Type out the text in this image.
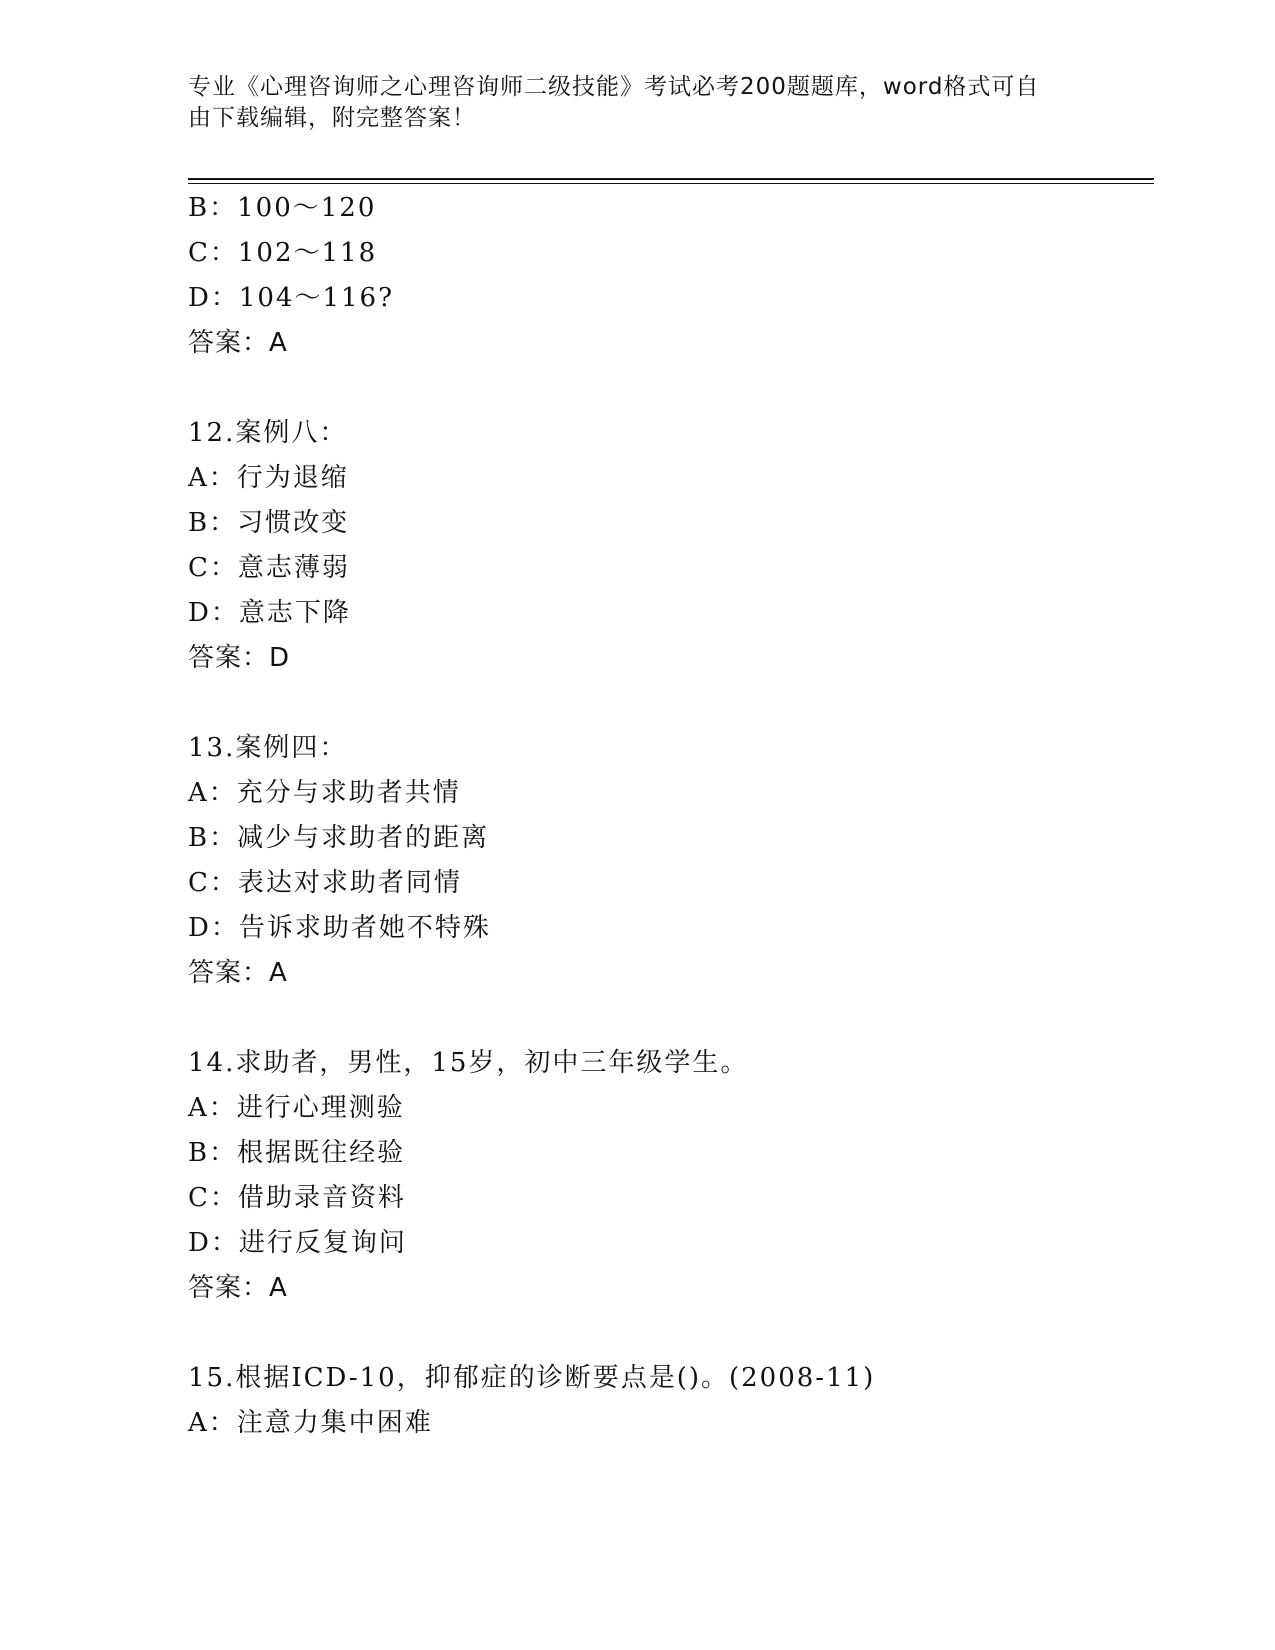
专业《心理咨询师之心理咨询师二级技能》考试必考200题题库，word格式可自
由下载编辑，附完整答案！
B：100～120
C：102～118
D：104～116?
答案：A
12.案例八：
A：行为退缩
B：习惯改变
C：意志薄弱
D：意志下降
答案：D
13.案例四：
A：充分与求助者共情
B：减少与求助者的距离
C：表达对求助者同情
D：告诉求助者她不特殊
答案：A
14.求助者，男性，15岁，初中三年级学生。
A：进行心理测验
B：根据既往经验
C：借助录音资料
D：进行反复询问
答案：A
15.根据ICD-10，抑郁症的诊断要点是()。(2008-11)
A：注意力集中困难
